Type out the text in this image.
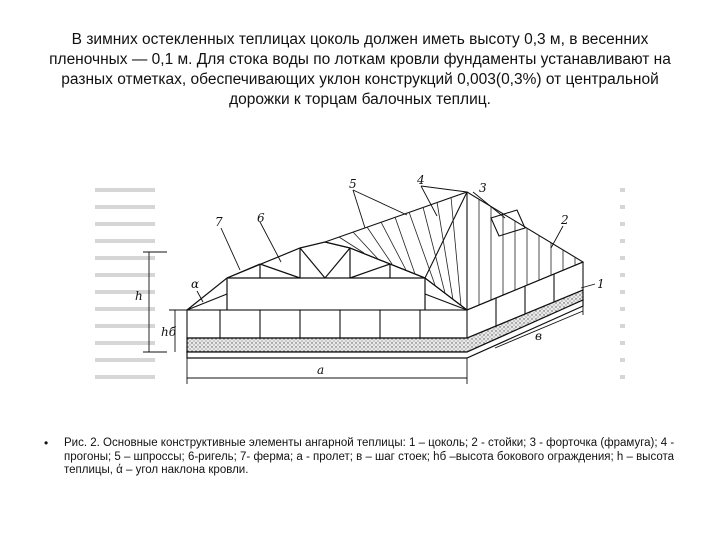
В зимних остекленных теплицах цоколь должен иметь высоту 0,3 м, в весенних пленочных — 0,1 м. Для стока воды по лоткам кровли фундаменты устанавливают на разных отметках, обеспечивающих уклон конструкций 0,003(0,3%) от центральной дорожки к торцам балочных теплиц.

1
2
3
4
5
6
7
α
h
hб
a
в
• Рис. 2. Основные конструктивные элементы ангарной теплицы: 1 – цоколь; 2 - стойки; 3 - форточка (фрамуга); 4 - прогоны; 5 – шпроссы; 6-ригель; 7- ферма; а - пролет; в – шаг стоек; hб –высота бокового ограждения; h – высота теплицы, ά – угол наклона кровли.
